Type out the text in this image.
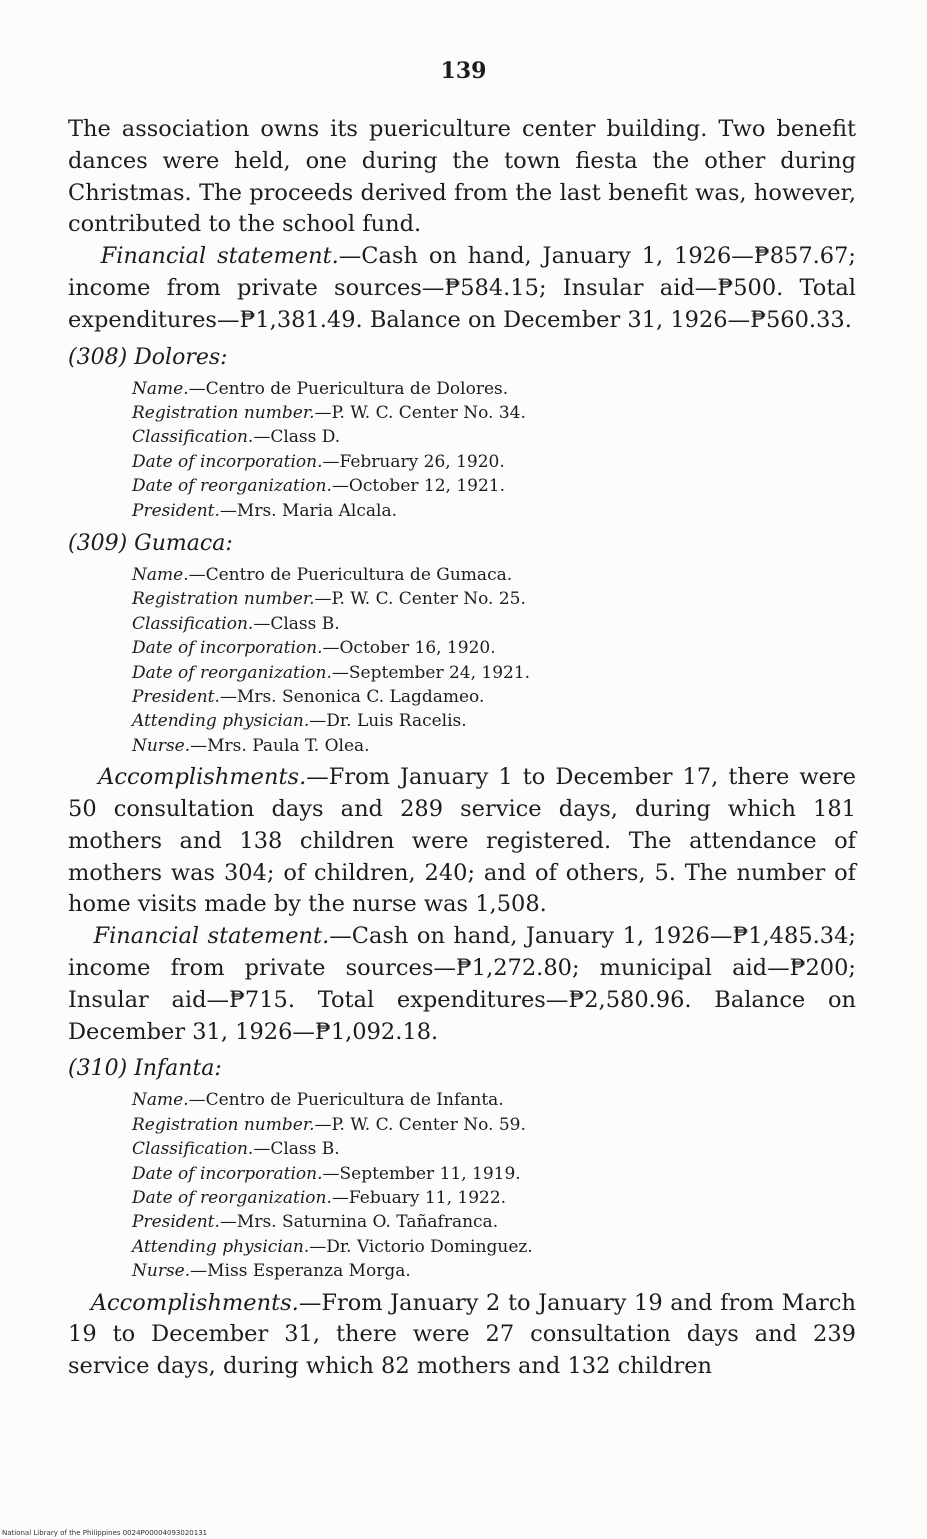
139

The association owns its puericulture center building. Two benefit dances were held, one during the town fiesta the other during Christmas. The proceeds derived from the last benefit was, however, contributed to the school fund.

Financial statement.—Cash on hand, January 1, 1926—₱857.67; income from private sources—₱584.15; Insular aid—₱500. Total expenditures—₱1,381.49. Balance on December 31, 1926—₱560.33.

(308) Dolores:
Name.—Centro de Puericultura de Dolores.
Registration number.—P. W. C. Center No. 34.
Classification.—Class D.
Date of incorporation.—February 26, 1920.
Date of reorganization.—October 12, 1921.
President.—Mrs. Maria Alcala.
(309) Gumaca:
Name.—Centro de Puericultura de Gumaca.
Registration number.—P. W. C. Center No. 25.
Classification.—Class B.
Date of incorporation.—October 16, 1920.
Date of reorganization.—September 24, 1921.
President.—Mrs. Senonica C. Lagdameo.
Attending physician.—Dr. Luis Racelis.
Nurse.—Mrs. Paula T. Olea.

Accomplishments.—From January 1 to December 17, there were 50 consultation days and 289 service days, during which 181 mothers and 138 children were registered. The attendance of mothers was 304; of children, 240; and of others, 5. The number of home visits made by the nurse was 1,508.

Financial statement.—Cash on hand, January 1, 1926—₱1,485.34; income from private sources—₱1,272.80; municipal aid—₱200; Insular aid—₱715. Total expenditures—₱2,580.96. Balance on December 31, 1926—₱1,092.18.

(310) Infanta:
Name.—Centro de Puericultura de Infanta.
Registration number.—P. W. C. Center No. 59.
Classification.—Class B.
Date of incorporation.—September 11, 1919.
Date of reorganization.—Febuary 11, 1922.
President.—Mrs. Saturnina O. Tañafranca.
Attending physician.—Dr. Victorio Dominguez.
Nurse.—Miss Esperanza Morga.

Accomplishments.—From January 2 to January 19 and from March 19 to December 31, there were 27 consultation days and 239 service days, during which 82 mothers and 132 children

National Library of the Philippines 0024P00004093020131
